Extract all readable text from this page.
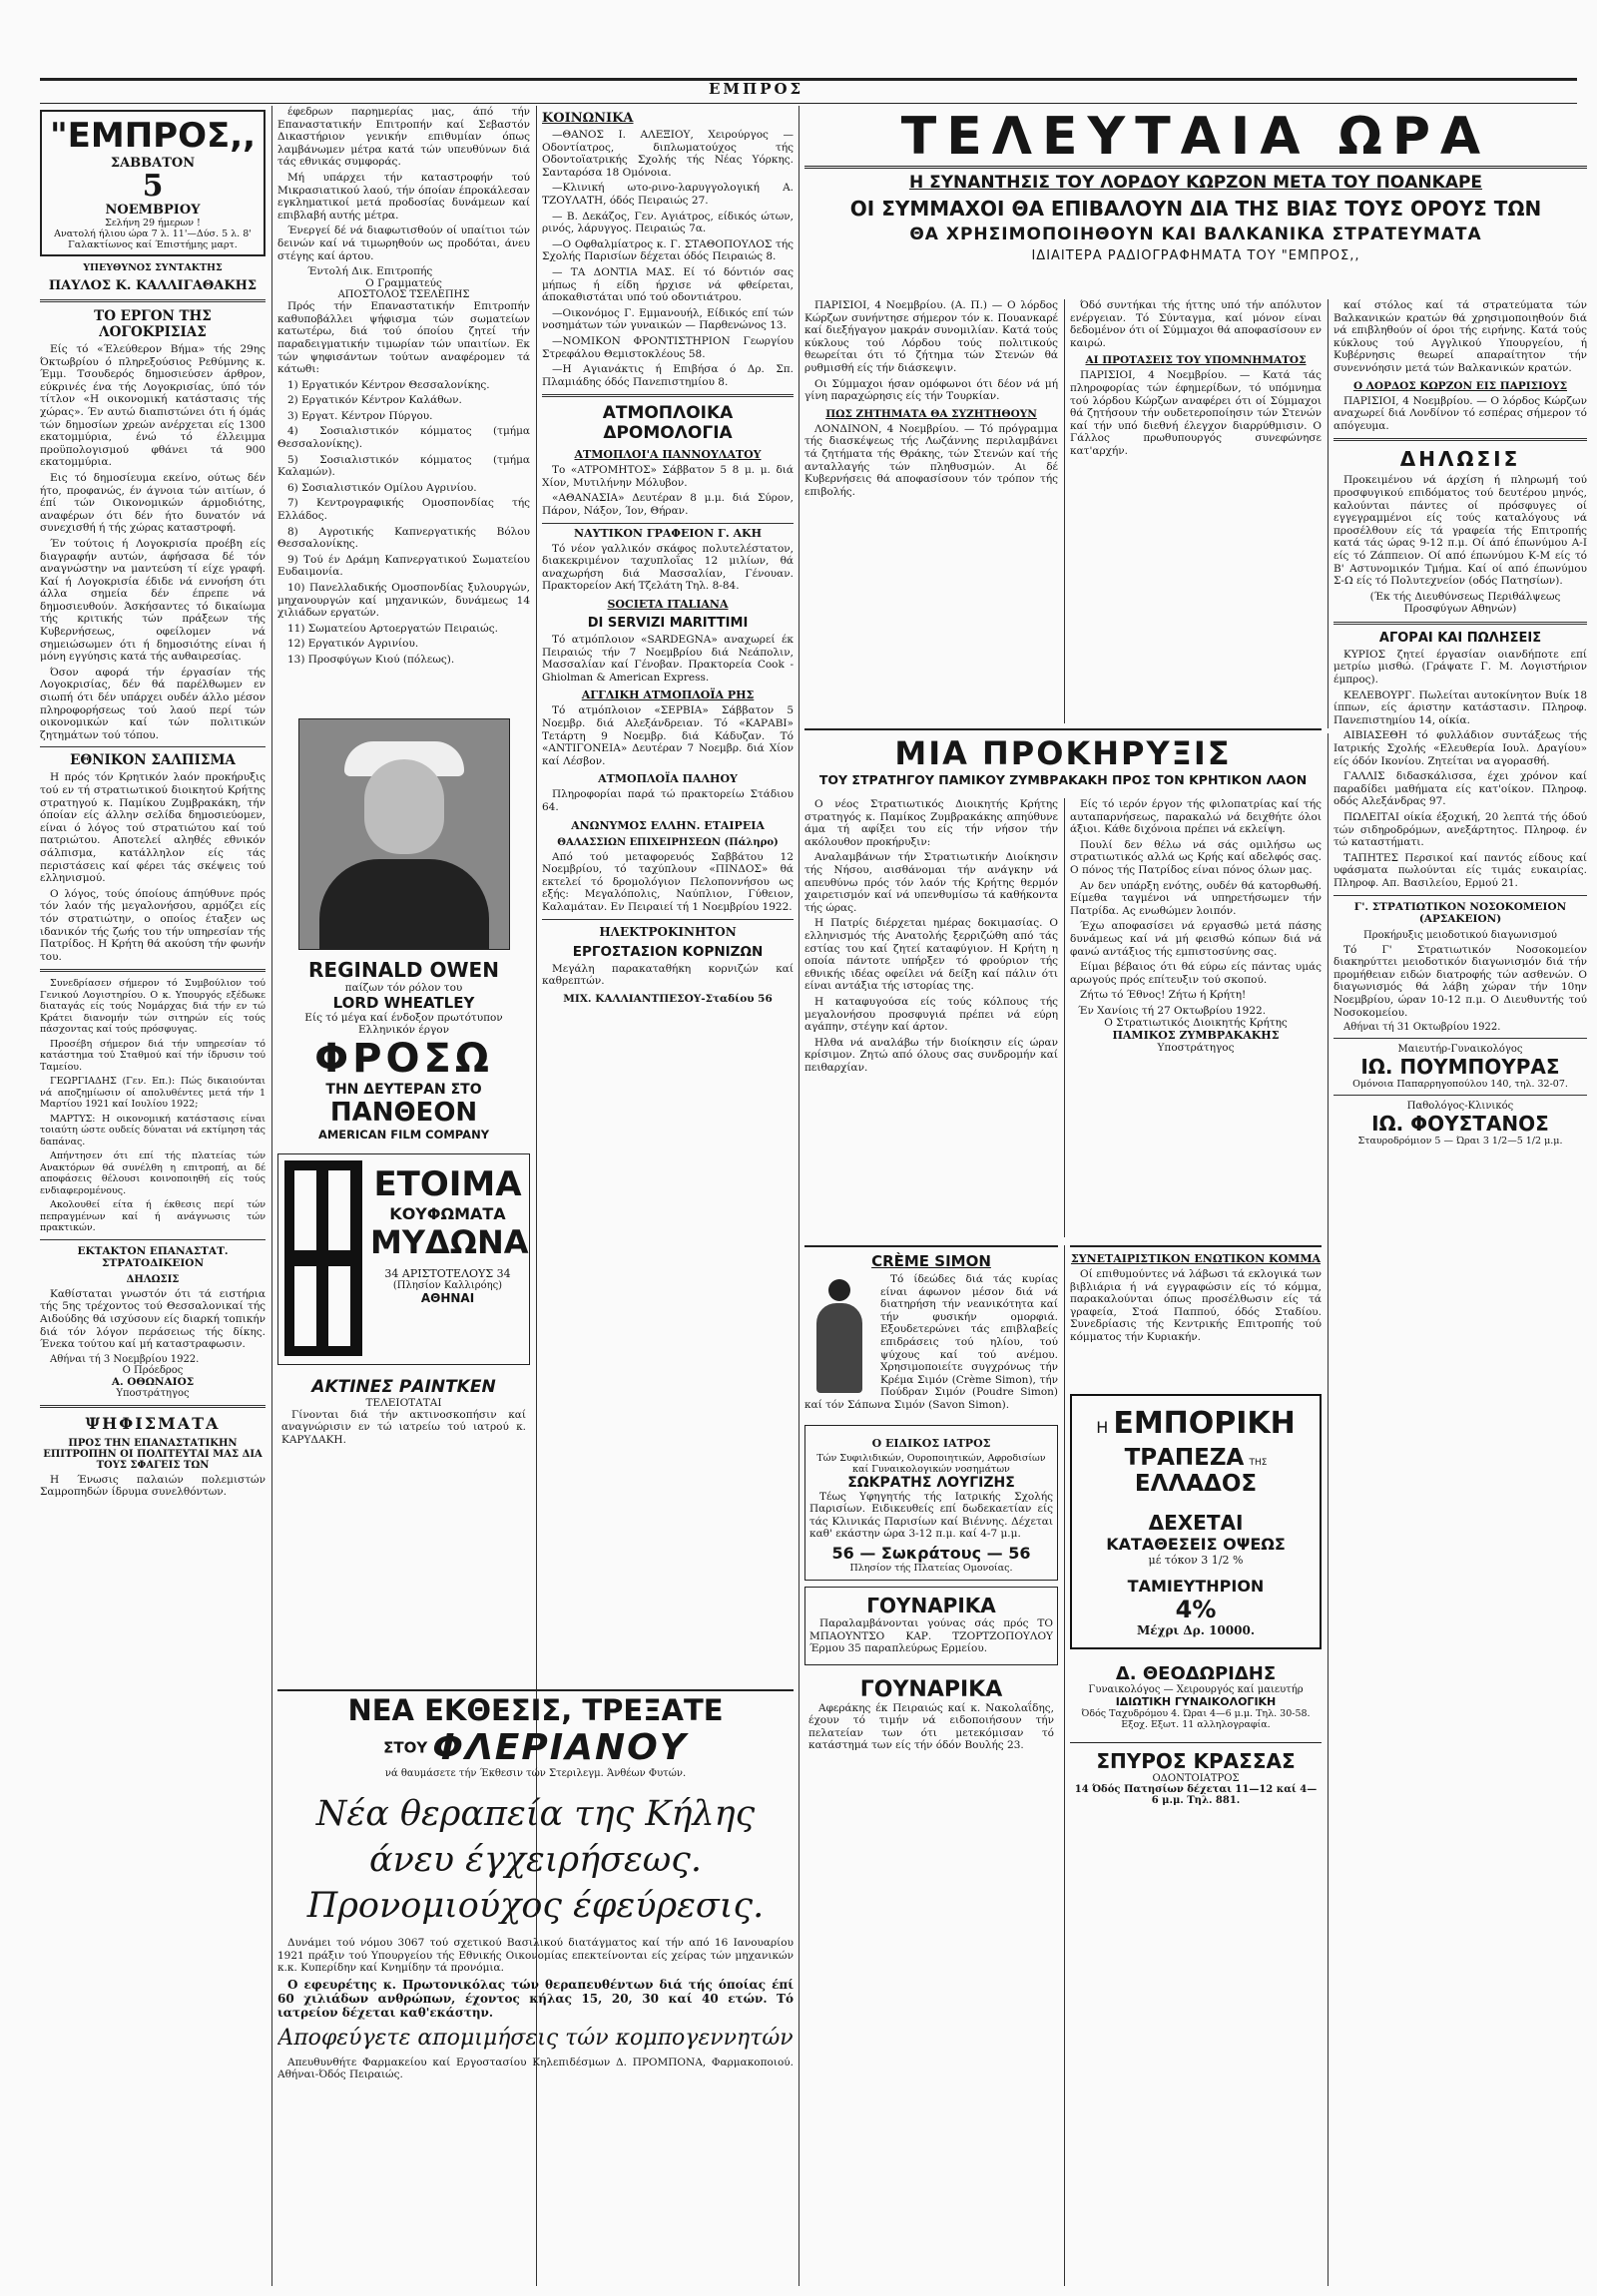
ΕΜΠΡΟΣ
"ΕΜΠΡΟΣ,,
ΣΑΒΒΑΤΟΝ
5
ΝΟΕΜΒΡΙΟΥ
Σελήνη 29 ήμερων !
Ανατολή ήλιου ώρα 7 λ. 11'—Δύσ. 5 λ. 8'
Γαλακτίωνος καί Έπιστήμης μαρτ.
ΥΠΕΥΘΥΝΟΣ ΣΥΝΤΑΚΤΗΣ
ΠΑΥΛΟΣ Κ. ΚΑΛΛΙΓΑΘΑΚΗΣ
ΤΟ ΕΡΓΟΝ ΤΗΣ ΛΟΓΟΚΡΙΣΙΑΣ

Είς τό «Έλεύθερον Βήμα» τής 29ης Όκτωβρίου ό πληρεξούσιος Ρεθύμνης κ. Έμμ. Τσουδερός δημοσιεύσεν άρθρον, εύκρινές ένα τής Λογοκρισίας, ύπό τόν τίτλον «Η οικονομική κατάστασις τής χώρας». Έν αυτώ διαπιστώνει ότι ή όμάς τών δημοσίων χρεών ανέρχεται είς 1300 εκατομμύρια, ένώ τό έλλειμμα προϋπολογισμού φθάνει τά 900 εκατομμύρια.

Εις τό δημοσίευμα εκείνο, ούτως δέν ήτο, προφανώς, έν άγνοια τών αιτίων, ό έπί τών Οικονομικών άρμοδιότης, αναφέρων ότι δέν ήτο δυνατόν νά συνεχισθή ή τής χώρας καταστροφή.

Έν τούτοις ή Λογοκρισία προέβη είς διαγραφήν αυτών, άφήσασα δέ τόν αναγνώστην να μαντεύση τί είχε γραφή. Καί ή Λογοκρισία έδιδε νά εννοήση ότι άλλα σημεία δέν έπρεπε νά δημοσιευθούν. Άσκήσαντες τό δικαίωμα τής κριτικής τών πράξεων τής Κυβερνήσεως, οφείλομεν νά σημειώσωμεν ότι ή δημοσιότης είναι ή μόνη εγγύησις κατά τής αυθαιρεσίας.

Όσον αφορά τήν έργασίαν τής Λογοκρισίας, δέν θά παρέλθωμεν εν σιωπή ότι δέν υπάρχει ουδέν άλλο μέσον πληροφορήσεως τού λαού περί τών οικονομικών καί τών πολιτικών ζητημάτων τού τόπου.

ΕΘΝΙΚΟΝ ΣΑΛΠΙΣΜΑ

Η πρός τόν Κρητικόν λαόν προκήρυξις τού εν τή στρατιωτικού διοικητού Κρήτης στρατηγού κ. Παμίκου Ζυμβρακάκη, τήν όποίαν είς άλλην σελίδα δημοσιεύομεν, είναι ό λόγος τού στρατιώτου καί τού πατριώτου. Αποτελεί αληθές εθνικόν σάλπισμα, κατάλληλον είς τάς περιστάσεις καί φέρει τάς σκέψεις τού ελληνισμού.

Ο λόγος, τούς όποίους άπηύθυνε πρός τόν λαόν τής μεγαλονήσου, αρμόζει είς τόν στρατιώτην, ο οποίος έταξεν ως ιδανικόν τής ζωής του τήν υπηρεσίαν τής Πατρίδος. Η Κρήτη θά ακούση τήν φωνήν του.

Συνεδρίασεν σήμερον τό Συμβούλιον τού Γενικού Λογιστηρίου. Ο κ. Υπουργός εξέδωκε διαταγάς είς τούς Νομάρχας διά τήν εν τώ Κράτει διανομήν τών σιτηρών είς τούς πάσχοντας καί τούς πρόσφυγας.

Προσέβη σήμερον διά τήν υπηρεσίαν τό κατάστημα τού Σταθμού καί τήν ίδρυσιν τού Ταμείου.

ΓΕΩΡΓΙΑΔΗΣ (Γεν. Επ.): Πώς δικαιούνται νά αποζημίωσιν οί απολυθέντες μετά τήν 1 Μαρτίου 1921 καί Ιουλίου 1922;

ΜΑΡΤΥΣ: Η οικονομική κατάστασις είναι τοιαύτη ώστε ουδείς δύναται νά εκτίμηση τάς δαπάνας.

Απήντησεν ότι επί τής πλατείας τών Ανακτόρων θά συνέλθη η επιτροπή, αι δέ αποφάσεις θέλουσι κοινοποιηθή είς τούς ενδιαφερομένους.

Ακολουθεί είτα ή έκθεσις περί τών πεπραγμένων καί ή ανάγνωσις τών πρακτικών.

ΕΚΤΑΚΤΟΝ ΕΠΑΝΑΣΤΑΤ. ΣΤΡΑΤΟΔΙΚΕΙΟΝ
ΔΗΛΩΣΙΣ

Καθίσταται γνωστόν ότι τά ειστήρια τής 5ης τρέχοντος τού Θεσσαλονικαί τής Αιδούδης θά ισχύσουν είς διαρκή τοπικήν διά τόν λόγον περάσειως τής δίκης. Ένεκα τούτου καί μή καταστραφωσιν.

Αθήναι τή 3 Νοεμβρίου 1922.
Ο Πρόεδρος
Α. ΟΘΩΝΑΙΟΣ
Υποστράτηγος
ΨΗΦΙΣΜΑΤΑ
ΠΡΟΣ ΤΗΝ ΕΠΑΝΑΣΤΑΤΙΚΗΝ ΕΠΙΤΡΟΠΗΝ ΟΙ ΠΟΛΙΤΕΥΤΑΙ ΜΑΣ ΔΙΑ ΤΟΥΣ ΣΦΑΓΕΙΣ ΤΩΝ

Η Ένωσις παλαιών πολεμιστών Σαμροπηδών ίδρυμα συνελθόντων.

έφεδρων παρημερίας μας, άπό τήν Επαναστατικήν Επιτροπήν καί Σεβαστόν Δικαστήριον γενικήν επιθυμίαν όπως λαμβάνωμεν μέτρα κατά τών υπευθύνων διά τάς εθνικάς συμφοράς.

Μή υπάρχει τήν καταστροφήν τού Μικρασιατικού λαού, τήν όποίαν έπροκάλεσαν εγκληματικοί μετά προδοσίας δυνάμεων καί επιβλαβή αυτής μέτρα.

Ένεργεί δέ νά διαφωτισθούν οί υπαίτιοι τών δεινών καί νά τιμωρηθούν ως προδόται, άνευ στέγης καί άρτου.

Έντολή Δικ. Επιτροπής
Ο Γραμματεύς
ΑΠΟΣΤΟΛΟΣ ΤΣΕΛΕΠΗΣ

Πρός τήν Επαναστατικήν Επιτροπήν καθυποβάλλει ψήφισμα τών σωματείων κατωτέρω, διά τού όποίου ζητεί τήν παραδειγματικήν τιμωρίαν τών υπαιτίων. Εκ τών ψηφισάντων τούτων αναφέρομεν τά κάτωθι:

1) Εργατικόν Κέντρον Θεσσαλονίκης.

2) Εργατικόν Κέντρον Καλάθων.

3) Εργατ. Κέντρον Πύργου.

4) Σοσιαλιστικόν κόμματος (τμήμα Θεσσαλονίκης).

5) Σοσιαλιστικόν κόμματος (τμήμα Καλαμών).

6) Σοσιαλιστικόν Ομίλου Αγρινίου.

7) Κεντρογραφικής Ομοσπονδίας τής Ελλάδος.

8) Αγροτικής Καπνεργατικής Βόλου Θεσσαλονίκης.

9) Τού έν Δράμη Καπνεργατικού Σωματείου Ευδαιμονία.

10) Πανελλαδικής Ομοσπονδίας ξυλουργών, μηχανουργών καί μηχανικών, δυνάμεως 14 χιλιάδων εργατών.

11) Σωματείου Αρτοεργατών Πειραιώς.

12) Εργατικόν Αγρινίου.

13) Προσφύγων Κιού (πόλεως).

REGINALD OWEN
παίζων τόν ρόλον του
LORD WHEATLEY
Είς τό μέγα καί ένδοξον πρωτότυπον Ελληνικόν έργον
ΦΡΟΣΩ
ΤΗΝ ΔΕΥΤΕΡΑΝ ΣΤΟ
ΠΑΝΘΕΟΝ
AMERICAN FILM COMPANY
ΕΤΟΙΜΑ
ΚΟΥΦΩΜΑΤΑ
ΜΥΔΩΝΑ
34 ΑΡΙΣΤΟΤΕΛΟΥΣ 34
(Πλησίον Καλλιρόης)
ΑΘΗΝΑΙ
ΑΚΤΙΝΕΣ ΡΑΙΝΤΚΕΝ
ΤΕΛΕΙΟΤΑΤΑΙ

Γίνονται διά τήν ακτινοσκοπήσιν καί αναγνώρισιν εν τώ ιατρείω τού ιατρού κ. ΚΑΡΥΔΑΚΗ.

ΚΟΙΝΩΝΙΚΑ

—ΘΑΝΟΣ Ι. ΑΛΕΞΙΟΥ, Χειρούργος — Οδοντίατρος, διπλωματούχος τής Οδοντοϊατρικής Σχολής τής Νέας Υόρκης. Σανταρόσα 18 Ομόνοια.

—Κλινική ωτο-ρινο-λαρυγγολογική Α. ΤΖΟΥΛΑΤΗ, όδός Πειραιώς 27.

— Β. Δεκάζος, Γεν. Αγιάτρος, είδικός ώτων, ρινός, λάρυγγος. Πειραιώς 7α.

—Ο Οφθαλμίατρος κ. Γ. ΣΤΑΘΟΠΟΥΛΟΣ τής Σχολής Παρισίων δέχεται όδός Πειραιώς 8.

— ΤΑ ΔΟΝΤΙΑ ΜΑΣ. Εί τό δόντιόν σας μήπως ή είδη ήρχισε νά φθείρεται, άποκαθιστάται υπό τού οδοντιάτρου.

—Οικονόμος Γ. Εμμανουήλ, Είδικός επί τών νοσημάτων τών γυναικών — Παρθενώνος 13.

—ΝΟΜΙΚΟΝ ΦΡΟΝΤΙΣΤΗΡΙΟΝ Γεωργίου Στρεφάλου Θεμιστοκλέους 58.

—Η Αγιανάκτις ή Επιβήσα ό Δρ. Σπ. Πλαμιάδης όδός Πανεπιστημίου 8.

ΑΤΜΟΠΛΟΙΚΑ ΔΡΟΜΟΛΟΓΙΑ
ΑΤΜΟΠΛΟΙ'Α ΠΑΝΝΟΥΛΑΤΟΥ

Το «ΑΤΡΟΜΗΤΟΣ» Σάββατον 5 8 μ. μ. διά Χίον, Μυτιλήνην Μόλυβον.

«ΑΘΑΝΑΣΙΑ» Δευτέραν 8 μ.μ. διά Σύρον, Πάρον, Νάξον, Ίον, Θήραν.

ΝΑΥΤΙΚΟΝ ΓΡΑΦΕΙΟΝ Γ. ΑΚΗ

Τό νέον γαλλικόν σκάφος πολυτελέστατον, διακεκριμένον ταχυπλοΐας 12 μιλίων, θά αναχωρήση διά Μασσαλίαν, Γένουαν. Πρακτορείον Ακή Τζελάτη Τηλ. 8-84.

SOCIETA ITALIANA
DI SERVIZI MARITTIMI

Τό ατμόπλοιον «SARDEGNA» αναχωρεί έκ Πειραιώς τήν 7 Νοεμβρίου διά Νεάπολιν, Μασσαλίαν καί Γένοβαν. Πρακτορεία Cook - Ghiolman & American Express.

ΑΓΓΛΙΚΗ ΑΤΜΟΠΛΟΪΑ ΡΗΣ

Τό ατμόπλοιον «ΣΕΡΒΙΑ» Σάββατον 5 Νοεμβρ. διά Αλεξάνδρειαν. Τό «ΚΑΡΑΒΙ» Τετάρτη 9 Νοεμβρ. διά Κάδυζαν. Τό «ΑΝΤΙΓΟΝΕΙΑ» Δευτέραν 7 Νοεμβρ. διά Χίον καί Λέσβον.

ΑΤΜΟΠΛΟΪΑ ΠΑΛΗΟΥ

Πληροφορίαι παρά τώ πρακτορείω Στάδιου 64.

ΑΝΩΝΥΜΟΣ ΕΛΛΗΝ. ΕΤΑΙΡΕΙΑ
ΘΑΛΑΣΣΙΩΝ ΕΠΙΧΕΙΡΗΣΕΩΝ (Πάληρο)

Από τού μεταφορευός Σαββάτου 12 Νοεμβρίου, τό ταχύπλουν «ΠΙΝΔΟΣ» θά εκτελεί τό δρομολόγιον Πελοποννήσου ως εξής: Μεγαλόπολις, Ναύπλιον, Γύθειον, Καλαμάταν. Εν Πειραιεί τή 1 Νοεμβρίου 1922.

ΗΛΕΚΤΡΟΚΙΝΗΤΟΝ
ΕΡΓΟΣΤΑΣΙΟΝ ΚΟΡΝΙΖΩΝ

Μεγάλη παρακαταθήκη κορνιζών καί καθρεπτών.

ΜΙΧ. ΚΑΛΛΙΑΝΤΠΕΣΟΥ-Σταδίου 56
ΝΕΑ ΕΚΘΕΣΙΣ, ΤΡΕΞΑΤΕ
ΣΤΟΥ ΦΛΕΡΙΑΝΟΥ
νά θαυμάσετε τήν Έκθεσιν τών Στεριλεγμ. Άνθέων Φυτών.
Νέα θεραπεία της Κήλης
άνευ έγχειρήσεως.
Προνομιούχος έφεύρεσις.

Δυνάμει τού νόμου 3067 τού σχετικού Βασιλικού διατάγματος καί τήν από 16 Ιανουαρίου 1921 πράξιν τού Υπουργείου τής Εθνικής Οικονομίας επεκτείνονται είς χείρας τών μηχανικών κ.κ. Κυπερίδην καί Κνημίδην τά προνόμια.

Ο εφευρέτης κ. Πρωτονικόλας τών θεραπευθέντων διά τής όποίας έπί 60 χιλιάδων ανθρώπων, έχοντος κήλας 15, 20, 30 καί 40 ετών. Τό ιατρείον δέχεται καθ'εκάστην.

Αποφεύγετε απομιμήσεις τών κομπογεννητών

Απευθυνθήτε Φαρμακείου καί Εργοστασίου Κηλεπιδέσμων Δ. ΠΡΟΜΠΟΝΑ, Φαρμακοποιού. Αθήναι-Όδός Πειραιώς.

ΤΕΛΕΥΤΑΙΑ ΩΡΑ
Η ΣΥΝΑΝΤΗΣΙΣ ΤΟΥ ΛΟΡΔΟΥ ΚΩΡΖΟΝ ΜΕΤΑ ΤΟΥ ΠΟΑΝΚΑΡΕ
ΟΙ ΣΥΜΜΑΧΟΙ ΘΑ ΕΠΙΒΑΛΟΥΝ ΔΙΑ ΤΗΣ ΒΙΑΣ ΤΟΥΣ ΟΡΟΥΣ ΤΩΝ
ΘΑ ΧΡΗΣΙΜΟΠΟΙΗΘΟΥΝ ΚΑΙ ΒΑΛΚΑΝΙΚΑ ΣΤΡΑΤΕΥΜΑΤΑ
ΙΔΙΑΙΤΕΡΑ ΡΑΔΙΟΓΡΑΦΗΜΑΤΑ ΤΟΥ "ΕΜΠΡΟΣ,,

ΠΑΡΙΣΙΟΙ, 4 Νοεμβρίου. (Α. Π.) — Ο λόρδος Κώρζων συνήντησε σήμερον τόν κ. Πουανκαρέ καί διεξήγαγον μακράν συνομιλίαν. Κατά τούς κύκλους τού Λόρδου τούς πολιτικούς θεωρείται ότι τό ζήτημα τών Στενών θά ρυθμισθή είς τήν διάσκεψιν.

Οι Σύμμαχοι ήσαν ομόφωνοι ότι δέον νά μή γίνη παραχώρησις είς τήν Τουρκίαν.

ΠΩΣ ΖΗΤΗΜΑΤΑ ΘΑ ΣΥΖΗΤΗΘΟΥΝ

ΛΟΝΔΙΝΟΝ, 4 Νοεμβρίου. — Τό πρόγραμμα τής διασκέψεως τής Λωζάννης περιλαμβάνει τά ζητήματα τής Θράκης, τών Στενών καί τής ανταλλαγής τών πληθυσμών. Αι δέ Κυβερνήσεις θά αποφασίσουν τόν τρόπον τής επιβολής.

Όδό συντήκαι τής ήττης υπό τήν απόλυτον ενέργειαν. Τό Σύνταγμα, καί μόνον είναι δεδομένον ότι οί Σύμμαχοι θά αποφασίσουν εν καιρώ.

ΑΙ ΠΡΟΤΑΣΕΙΣ ΤΟΥ ΥΠΟΜΝΗΜΑΤΟΣ

ΠΑΡΙΣΙΟΙ, 4 Νοεμβρίου. — Κατά τάς πληροφορίας τών έφημερίδων, τό υπόμνημα τού λόρδου Κώρζων αναφέρει ότι οί Σύμμαχοι θά ζητήσουν τήν ουδετεροποίησιν τών Στενών καί τήν υπό διεθνή έλεγχον διαρρύθμισιν. Ο Γάλλος πρωθυπουργός συνεφώνησε κατ'αρχήν.

ΜΙΑ ΠΡΟΚΗΡΥΞΙΣ
ΤΟΥ ΣΤΡΑΤΗΓΟΥ ΠΑΜΙΚΟΥ ΖΥΜΒΡΑΚΑΚΗ ΠΡΟΣ ΤΟΝ ΚΡΗΤΙΚΟΝ ΛΑΟΝ

Ο νέος Στρατιωτικός Διοικητής Κρήτης στρατηγός κ. Παμίκος Ζυμβρακάκης απηύθυνε άμα τή αφίξει του είς τήν νήσον τήν ακόλουθον προκήρυξιν:

Αναλαμβάνων τήν Στρατιωτικήν Διοίκησιν τής Νήσου, αισθάνομαι τήν ανάγκην νά απευθύνω πρός τόν λαόν τής Κρήτης θερμόν χαιρετισμόν καί νά υπενθυμίσω τά καθήκοντα τής ώρας.

Η Πατρίς διέρχεται ημέρας δοκιμασίας. Ο ελληνισμός τής Ανατολής ξερριζώθη από τάς εστίας του καί ζητεί καταφύγιον. Η Κρήτη η οποία πάντοτε υπήρξεν τό φρούριον τής εθνικής ιδέας οφείλει νά δείξη καί πάλιν ότι είναι αντάξια τής ιστορίας της.

Η καταφυγούσα είς τούς κόλπους τής μεγαλονήσου προσφυγιά πρέπει νά εύρη αγάπην, στέγην καί άρτον.

Ηλθα νά αναλάβω τήν διοίκησιν είς ώραν κρίσιμον. Ζητώ από όλους σας συνδρομήν καί πειθαρχίαν.

Είς τό ιερόν έργον τής φιλοπατρίας καί τής αυταπαρνήσεως, παρακαλώ νά δειχθήτε όλοι άξιοι. Κάθε διχόνοια πρέπει νά εκλείψη.

Πουλί δεν θέλω νά σάς ομιλήσω ως στρατιωτικός αλλά ως Κρής καί αδελφός σας. Ο πόνος τής Πατρίδος είναι πόνος όλων μας.

Αν δεν υπάρξη ενότης, ουδέν θά κατορθωθή. Είμεθα ταγμένοι νά υπηρετήσωμεν τήν Πατρίδα. Ας ενωθώμεν λοιπόν.

Έχω αποφασίσει νά εργασθώ μετά πάσης δυνάμεως καί νά μή φεισθώ κόπων διά νά φανώ αντάξιος τής εμπιστοσύνης σας.

Είμαι βέβαιος ότι θά εύρω είς πάντας υμάς αρωγούς πρός επίτευξιν τού σκοπού.

Ζήτω τό Έθνος! Ζήτω ή Κρήτη!

Έν Χανίοις τή 27 Οκτωβρίου 1922.
Ο Στρατιωτικός Διοικητής Κρήτης
ΠΑΜΙΚΟΣ ΖΥΜΒΡΑΚΑΚΗΣ
Υποστράτηγος
CRÈME SIMON

Τό ίδεώδες διά τάς κυρίας είναι άφωνον μέσον διά νά διατηρήση τήν νεανικότητα καί τήν φυσικήν ομορφιά. Εξουδετερώνει τάς επιβλαβείς επιδράσεις τού ηλίου, τού ψύχους καί τού ανέμου. Χρησιμοποιείτε συγχρόνως τήν Κρέμα Σιμόν (Crème Simon), τήν Πούδραν Σιμόν (Poudre Simon) καί τόν Σάπωνα Σιμόν (Savon Simon).

Ο ΕΙΔΙΚΟΣ ΙΑΤΡΟΣ
Τών Συφιλιδικών, Ουροποιητικών, Αφροδισίων καί Γυναικολογικών νοσημάτων
ΣΩΚΡΑΤΗΣ ΛΟΥΓΙΖΗΣ

Τέως Υφηγητής τής Ιατρικής Σχολής Παρισίων. Ειδικευθείς επί δωδεκαετίαν είς τάς Κλινικάς Παρισίων καί Βιέννης. Δέχεται καθ' εκάστην ώρα 3-12 π.μ. καί 4-7 μ.μ.

56 — Σωκράτους — 56
Πλησίον τής Πλατείας Ομονοίας.
ΓΟΥΝΑΡΙΚΑ

Παραλαμβάνονται γούνας σάς πρός ΤΟ ΜΠΑΟΥΝΤΣΟ ΚΑΡ. ΤΖΟΡΤΖΟΠΟΥΛΟΥ Έρμου 35 παραπλεύρως Ερμείου.

ΓΟΥΝΑΡΙΚΑ

Αφεράκης έκ Πειραιώς καί κ. Νακολαΐδης, έχουν τό τιμήν νά ειδοποιήσουν τήν πελατείαν των ότι μετεκόμισαν τό κατάστημά των είς τήν όδόν Βουλής 23.

ΣΥΝΕΤΑΙΡΙΣΤΙΚΟΝ ΕΝΩΤΙΚΟΝ ΚΟΜΜΑ

Οί επιθυμούντες νά λάβωσι τά εκλογικά των βιβλιάρια ή νά εγγραφώσιν είς τό κόμμα, παρακαλούνται όπως προσέλθωσιν είς τά γραφεία, Στοά Παππού, όδός Σταδίου. Συνεδρίασις τής Κεντρικής Επιτροπής τού κόμματος τήν Κυριακήν.

Η ΕΜΠΟΡΙΚΗ
ΤΡΑΠΕΖΑ ΤΗΣ ΕΛΛΑΔΟΣ
ΔΕΧΕΤΑΙ
ΚΑΤΑΘΕΣΕΙΣ ΟΨΕΩΣ
μέ τόκον 3 1/2 %
ΤΑΜΙΕΥΤΗΡΙΟΝ
4%
Μέχρι Δρ. 10000.
Δ. ΘΕΟΔΩΡΙΔΗΣ
Γυναικολόγος — Χειρουργός καί μαιευτήρ
ΙΔΙΩΤΙΚΗ ΓΥΝΑΙΚΟΛΟΓΙΚΗ
Όδός Ταχυδρόμου 4. Ώραι 4—6 μ.μ. Τηλ. 30-58.
Εξοχ. Εξωτ. 11 αλληλογραφία.
ΣΠΥΡΟΣ ΚΡΑΣΣΑΣ
ΟΔΟΝΤΟΙΑΤΡΟΣ
14 Όδός Πατησίων δέχεται 11—12 καί 4—6 μ.μ. Τηλ. 881.

καί στόλος καί τά στρατεύματα τών Βαλκανικών κρατών θά χρησιμοποιηθούν διά νά επιβληθούν οί όροι τής ειρήνης. Κατά τούς κύκλους τού Αγγλικού Υπουργείου, ή Κυβέρνησις θεωρεί απαραίτητον τήν συνεννόησιν μετά τών Βαλκανικών κρατών.

Ο ΛΟΡΔΟΣ ΚΩΡΖΟΝ ΕΙΣ ΠΑΡΙΣΙΟΥΣ

ΠΑΡΙΣΙΟΙ, 4 Νοεμβρίου. — Ο λόρδος Κώρζων αναχωρεί διά Λονδίνον τό εσπέρας σήμερον τό απόγευμα.

ΔΗΛΩΣΙΣ

Προκειμένου νά άρχίση ή πληρωμή τού προσφυγικού επιδόματος τού δευτέρου μηνός, καλούνται πάντες οί πρόσφυγες οί εγγεγραμμένοι είς τούς καταλόγους νά προσέλθουν είς τά γραφεία τής Επιτροπής κατά τάς ώρας 9-12 π.μ. Οί άπό έπωνύμου Α-Ι είς τό Ζάππειον. Οί από έπωνύμου Κ-Μ είς τό Β' Αστυνομικόν Τμήμα. Καί οί από έπωνύμου Σ-Ω είς τό Πολυτεχνείον (οδός Πατησίων).

(Έκ τής Διευθύνσεως Περιθάλψεως Προσφύγων Αθηνών)

ΑΓΟΡΑΙ ΚΑΙ ΠΩΛΗΣΕΙΣ

ΚΥΡΙΟΣ ζητεί έργασίαν οιανδήποτε επί μετρίω μισθώ. (Γράψατε Γ. Μ. Λογιστήριον έμπρος).

ΚΕΛΕΒΟΥΡΓ. Πωλείται αυτοκίνητον Βυίκ 18 ίππων, είς άριστην κατάστασιν. Πληροφ. Πανεπιστημίου 14, οίκία.

ΑΙΒΙΑΣΕΘΗ τό φυλλάδιον συντάξεως τής Ιατρικής Σχολής «Ελευθερία Ιουλ. Δραγίου» είς όδόν Ικονίου. Ζητείται να αγορασθή.

ΓΑΛΛΙΣ διδασκάλισσα, έχει χρόνον καί παραδίδει μαθήματα είς κατ'οίκον. Πληροφ. οδός Αλεξάνδρας 97.

ΠΩΛΕΙΤΑΙ οίκία έξοχική, 20 λεπτά τής όδού τών σιδηροδρόμων, ανεξάρτητος. Πληροφ. έν τώ καταστήματι.

ΤΑΠΗΤΕΣ Περσικοί καί παντός είδους καί υφάσματα πωλούνται είς τιμάς ευκαιρίας. Πληροφ. Απ. Βασιλείου, Ερμού 21.

Γ'. ΣΤΡΑΤΙΩΤΙΚΟΝ ΝΟΣΟΚΟΜΕΙΟΝ (ΑΡΣΑΚΕΙΟΝ)
Προκήρυξις μειοδοτικού διαγωνισμού

Τό Γ' Στρατιωτικόν Νοσοκομείον διακηρύττει μειοδοτικόν διαγωνισμόν διά τήν προμήθειαν ειδών διατροφής τών ασθενών. Ο διαγωνισμός θά λάβη χώραν τήν 10ην Νοεμβρίου, ώραν 10-12 π.μ. Ο Διευθυντής τού Νοσοκομείου.

Αθήναι τή 31 Οκτωβρίου 1922.
Μαιευτήρ-Γυναικολόγος
ΙΩ. ΠΟΥΜΠΟΥΡΑΣ
Ομόνοια Παπαρρηγοπούλου 140, τηλ. 32-07.
Παθολόγος-Κλινικός
ΙΩ. ΦΟΥΣΤΑΝΟΣ
Σταυροδρόμιον 5 — Ώραι 3 1/2—5 1/2 μ.μ.
